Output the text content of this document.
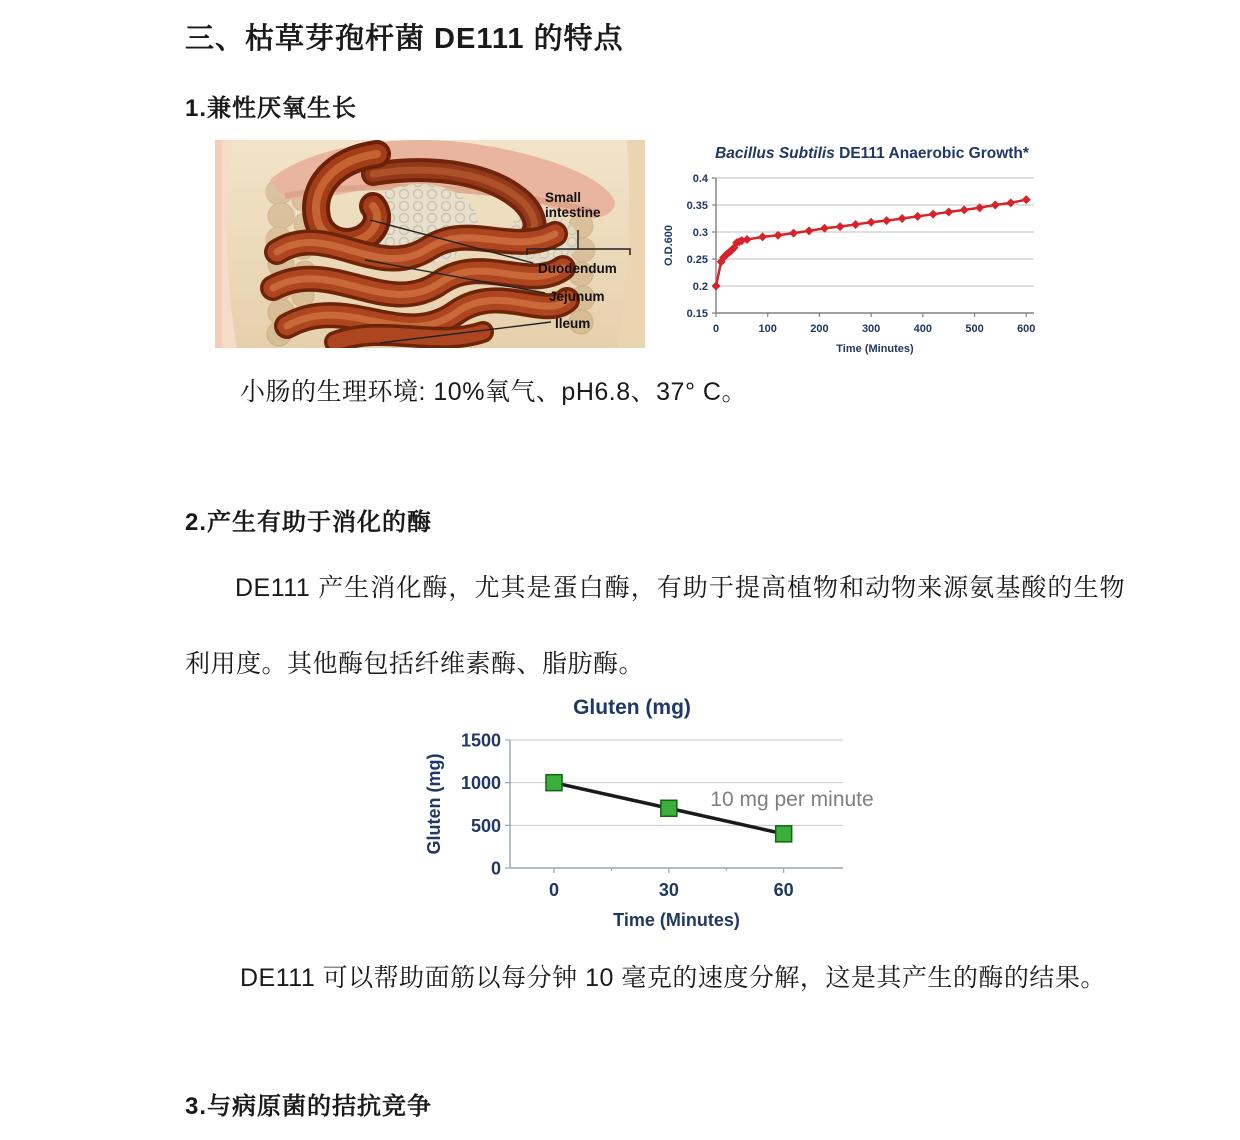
三、枯草芽孢杆菌 DE111 的特点
1.兼性厌氧生长
Small
intestine
Duodendum
Jejunum
Ileum
0.15
0.2
0.25
0.3
0.35
0.4
0	100	200	300	400	500	600
Bacillus Subtilis DE111 Anaerobic Growth*
Time (Minutes)
O.D.600
小肠的生理环境: 10%氧气、pH6.8、37° C。
2.产生有助于消化的酶
DE111 产生消化酶，尤其是蛋白酶，有助于提高植物和动物来源氨基酸的生物利用度。其他酶包括纤维素酶、脂肪酶。
0
500
1000
1500
0	30	60
Gluten (mg)
Time (Minutes)
Gluten (mg)	10 mg per minute
DE111 可以帮助面筋以每分钟 10 毫克的速度分解，这是其产生的酶的结果。
3.与病原菌的拮抗竞争
